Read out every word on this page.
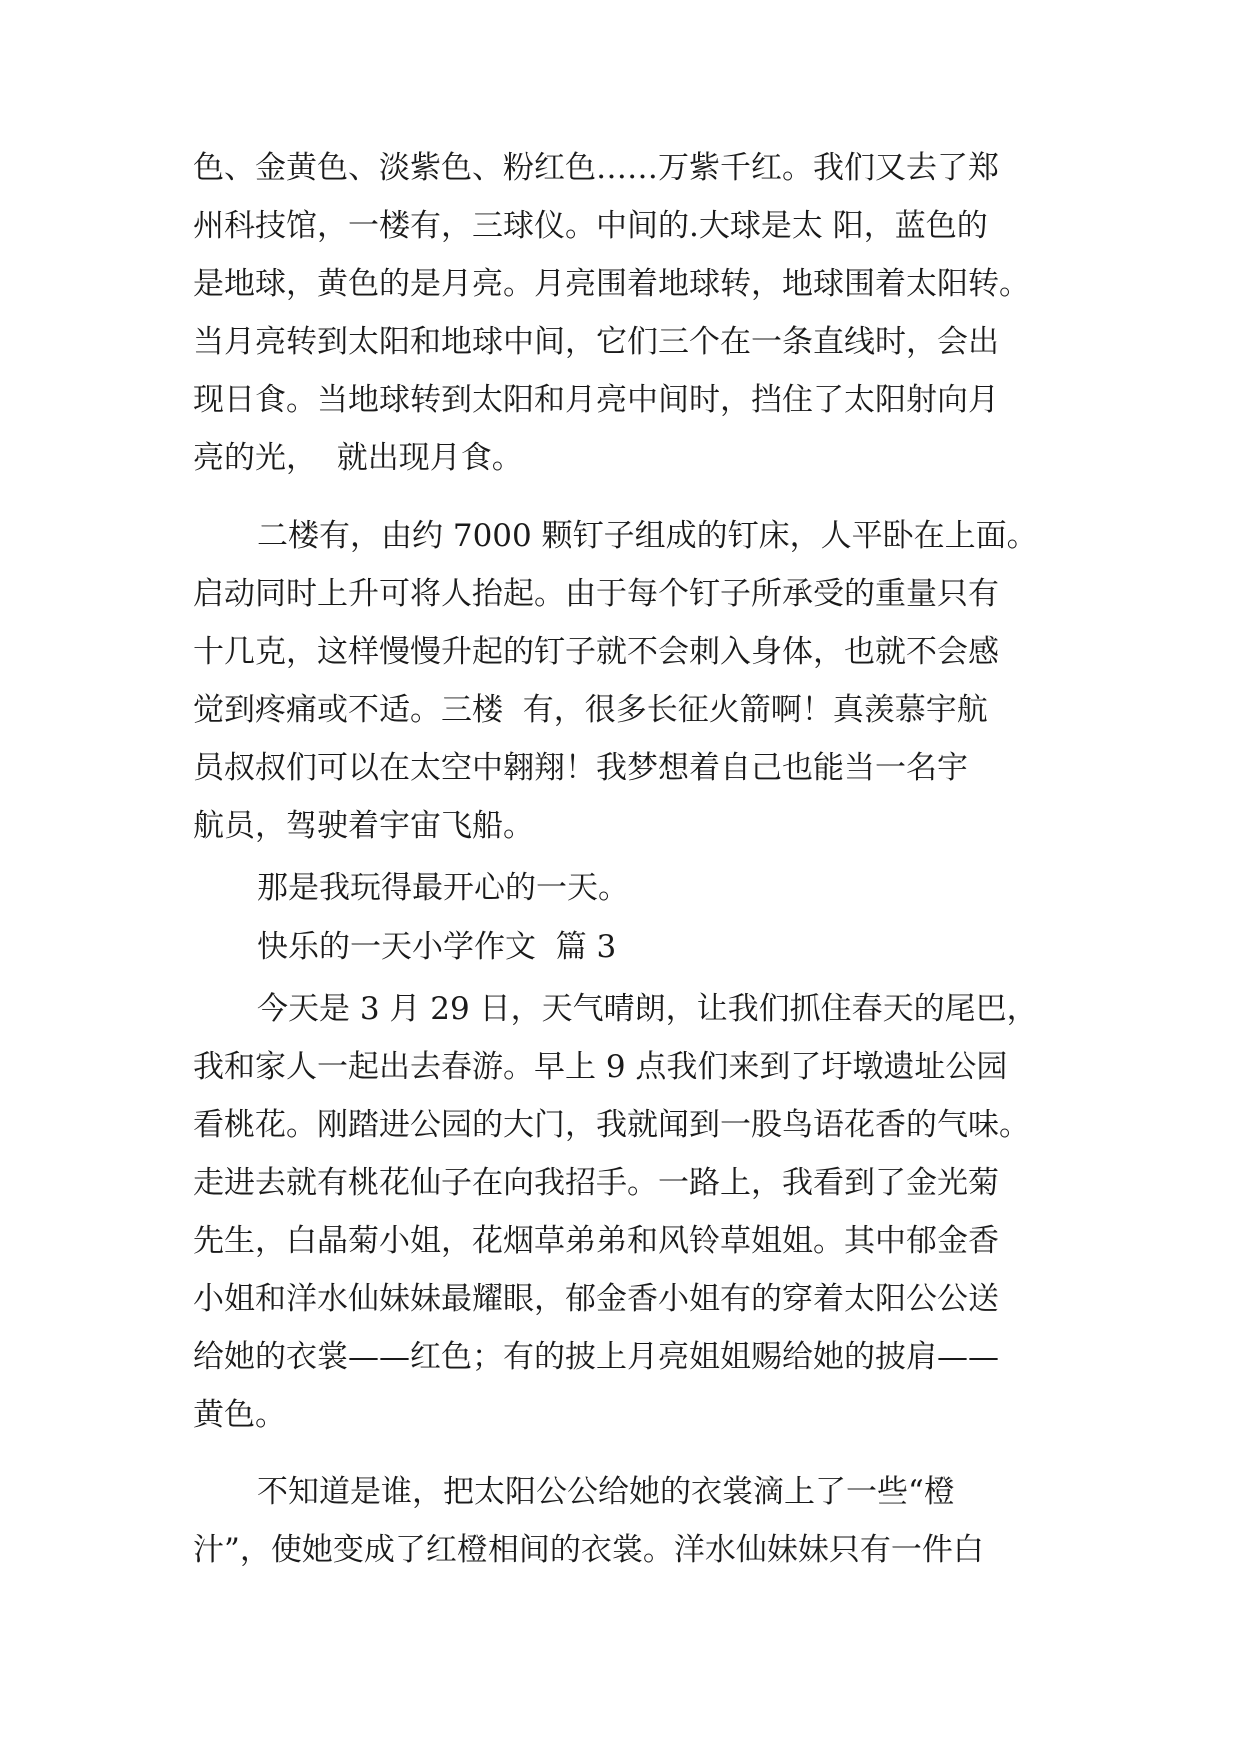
色、金黄色、淡紫色、粉红色……万紫千红。我们又去了郑
州科技馆，一楼有，三球仪。中间的.大球是太 阳，蓝色的
是地球，黄色的是月亮。月亮围着地球转，地球围着太阳转。
当月亮转到太阳和地球中间，它们三个在一条直线时，会出
现日食。当地球转到太阳和月亮中间时，挡住了太阳射向月
亮的光，  就出现月食。
二楼有，由约 7000 颗钉子组成的钉床，人平卧在上面。
启动同时上升可将人抬起。由于每个钉子所承受的重量只有
十几克，这样慢慢升起的钉子就不会刺入身体，也就不会感
觉到疼痛或不适。三楼  有，很多长征火箭啊！真羡慕宇航
员叔叔们可以在太空中翱翔！我梦想着自己也能当一名宇
航员，驾驶着宇宙飞船。
那是我玩得最开心的一天。
快乐的一天小学作文  篇 3
今天是 3 月 29 日，天气晴朗，让我们抓住春天的尾巴，
我和家人一起出去春游。早上 9 点我们来到了圩墩遗址公园
看桃花。刚踏进公园的大门，我就闻到一股鸟语花香的气味。
走进去就有桃花仙子在向我招手。一路上，我看到了金光菊
先生，白晶菊小姐，花烟草弟弟和风铃草姐姐。其中郁金香
小姐和洋水仙妹妹最耀眼，郁金香小姐有的穿着太阳公公送
给她的衣裳——红色；有的披上月亮姐姐赐给她的披肩——
黄色。
不知道是谁，把太阳公公给她的衣裳滴上了一些“橙
汁”，使她变成了红橙相间的衣裳。洋水仙妹妹只有一件白
